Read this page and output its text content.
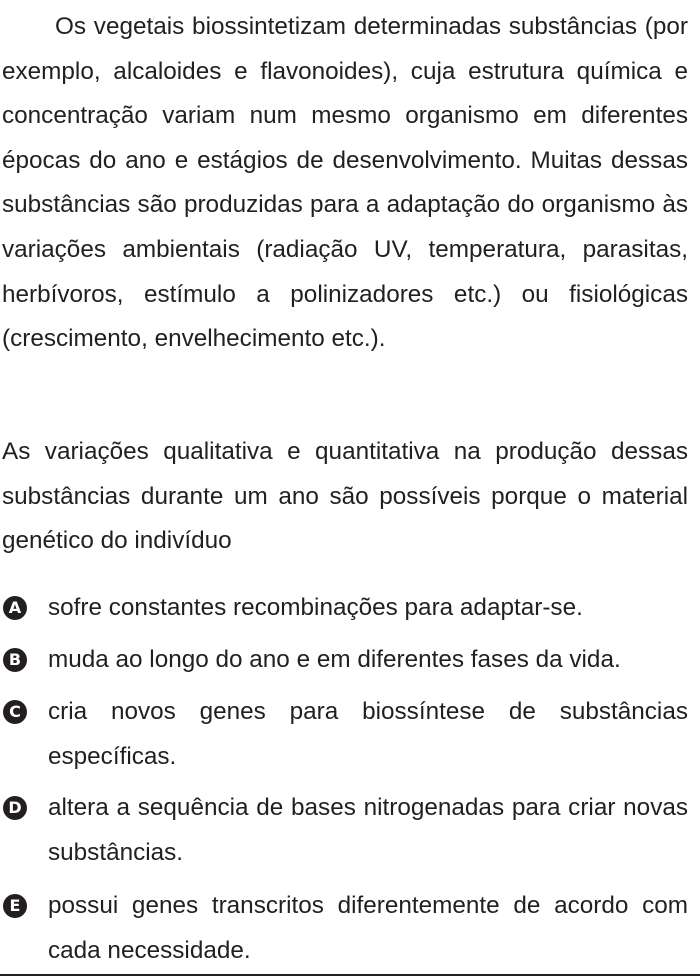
Os vegetais biossintetizam determinadas substâncias (por exemplo, alcaloides e flavonoides), cuja estrutura química e concentração variam num mesmo organismo em diferentes épocas do ano e estágios de desenvolvimento. Muitas dessas substâncias são produzidas para a adaptação do organismo às variações ambientais (radiação UV, temperatura, parasitas, herbívoros, estímulo a polinizadores etc.) ou fisiológicas (crescimento, envelhecimento etc.).

As variações qualitativa e quantitativa na produção dessas substâncias durante um ano são possíveis porque o material genético do indivíduo

A sofre constantes recombinações para adaptar-se.

B muda ao longo do ano e em diferentes fases da vida.

C cria novos genes para biossíntese de substâncias específicas.

D altera a sequência de bases nitrogenadas para criar novas substâncias.

E possui genes transcritos diferentemente de acordo com cada necessidade.
